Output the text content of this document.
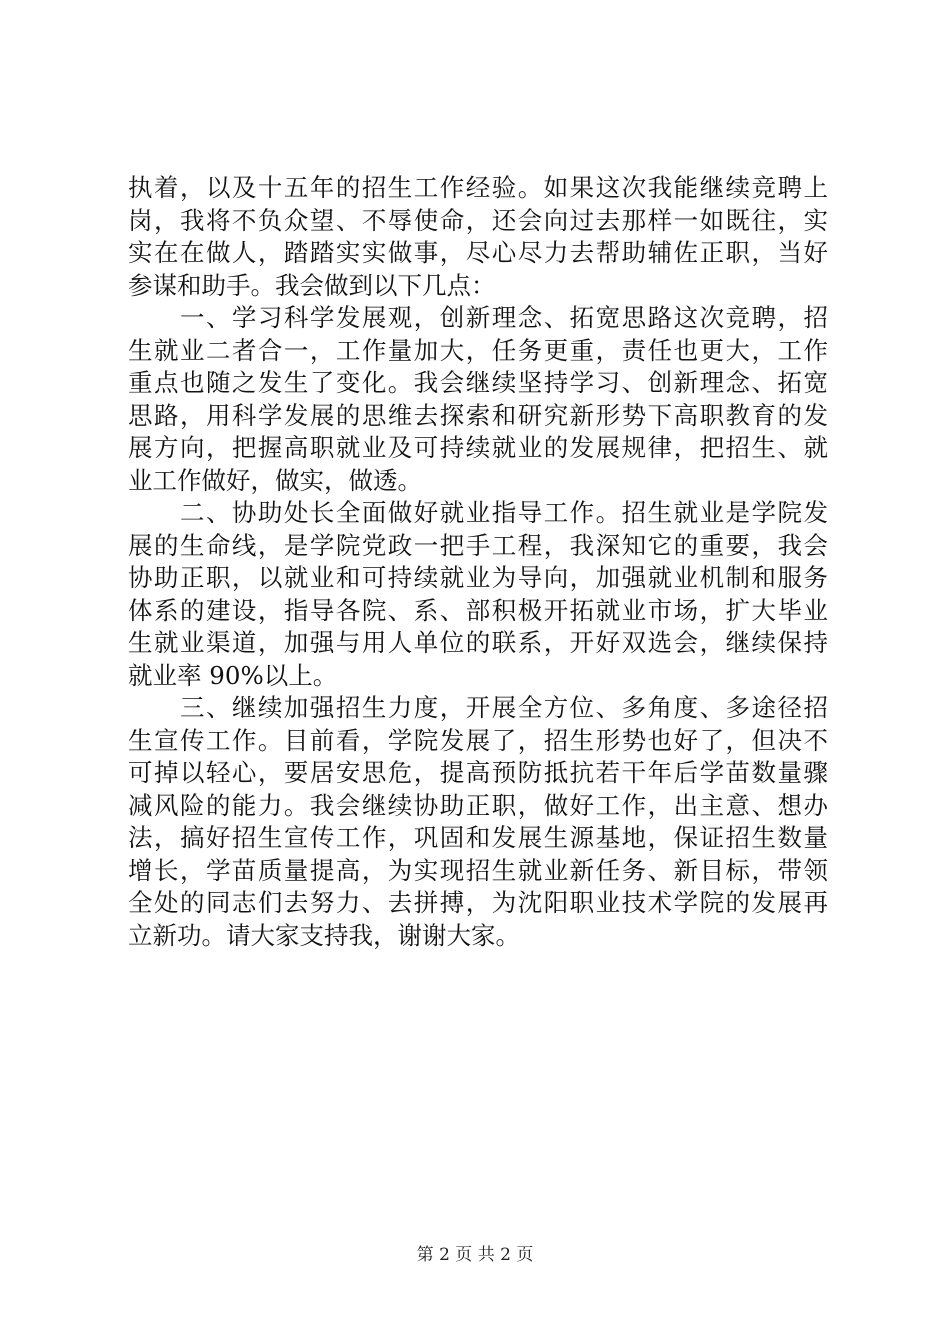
执着，以及十五年的招生工作经验。如果这次我能继续竞聘上
岗，我将不负众望、不辱使命，还会向过去那样一如既往，实
实在在做人，踏踏实实做事，尽心尽力去帮助辅佐正职，当好
参谋和助手。我会做到以下几点：
　　一、学习科学发展观，创新理念、拓宽思路这次竞聘，招
生就业二者合一，工作量加大，任务更重，责任也更大，工作
重点也随之发生了变化。我会继续坚持学习、创新理念、拓宽
思路，用科学发展的思维去探索和研究新形势下高职教育的发
展方向，把握高职就业及可持续就业的发展规律，把招生、就
业工作做好，做实，做透。
　　二、协助处长全面做好就业指导工作。招生就业是学院发
展的生命线，是学院党政一把手工程，我深知它的重要，我会
协助正职，以就业和可持续就业为导向，加强就业机制和服务
体系的建设，指导各院、系、部积极开拓就业市场，扩大毕业
生就业渠道，加强与用人单位的联系，开好双选会，继续保持
就业率 90%以上。
　　三、继续加强招生力度，开展全方位、多角度、多途径招
生宣传工作。目前看，学院发展了，招生形势也好了，但决不
可掉以轻心，要居安思危，提高预防抵抗若干年后学苗数量骤
减风险的能力。我会继续协助正职，做好工作，出主意、想办
法，搞好招生宣传工作，巩固和发展生源基地，保证招生数量
增长，学苗质量提高，为实现招生就业新任务、新目标，带领
全处的同志们去努力、去拼搏，为沈阳职业技术学院的发展再
立新功。请大家支持我，谢谢大家。
第 2 页 共 2 页
